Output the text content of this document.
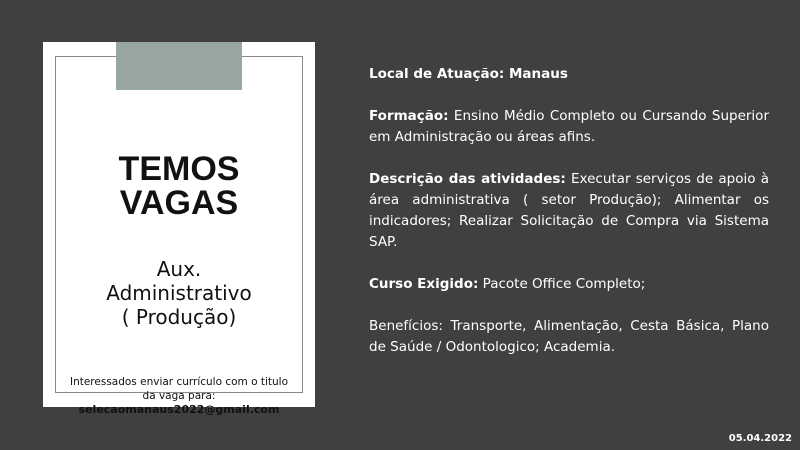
TEMOS
VAGAS
Aux.
Administrativo
( Produção)
Interessados enviar currículo com o titulo
da vaga para:
selecaomanaus2022@gmail.com

Local de Atuação: Manaus

Formação: Ensino Médio Completo ou Cursando Superior em Administração ou áreas afins.

Descrição das atividades: Executar serviços de apoio à área administrativa ( setor Produção); Alimentar os indicadores; Realizar Solicitação de Compra via Sistema SAP.

Curso Exigido: Pacote Office Completo;

Benefícios: Transporte, Alimentação, Cesta Básica, Plano de Saúde / Odontologico; Academia.

05.04.2022
